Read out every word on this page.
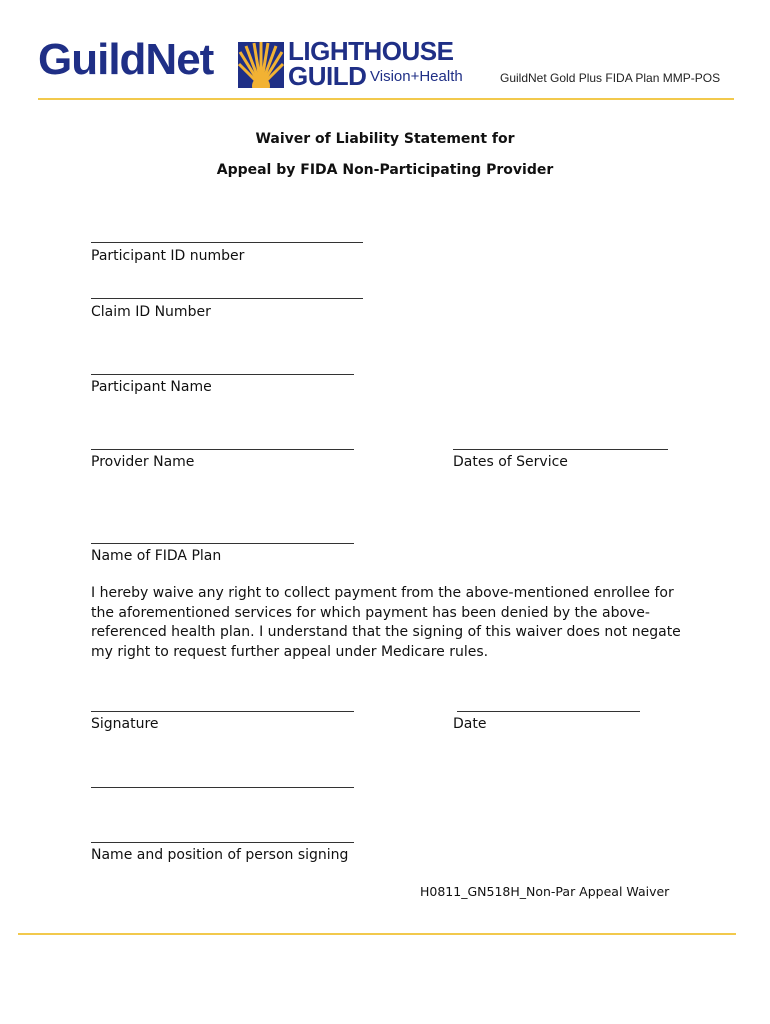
GuildNet	LIGHTHOUSE
GUILD Vision+Health	GuildNet Gold Plus FIDA Plan MMP-POS
Waiver of Liability Statement for
Appeal by FIDA Non-Participating Provider
Participant ID number
Claim ID Number
Participant Name
Provider Name	Dates of Service
Name of FIDA Plan

I hereby waive any right to collect payment from the above-mentioned enrollee for the aforementioned services for which payment has been denied by the above-referenced health plan. I understand that the signing of this waiver does not negate my right to request further appeal under Medicare rules.

Signature	Date
Name and position of person signing
H0811_GN518H_Non-Par Appeal Waiver
